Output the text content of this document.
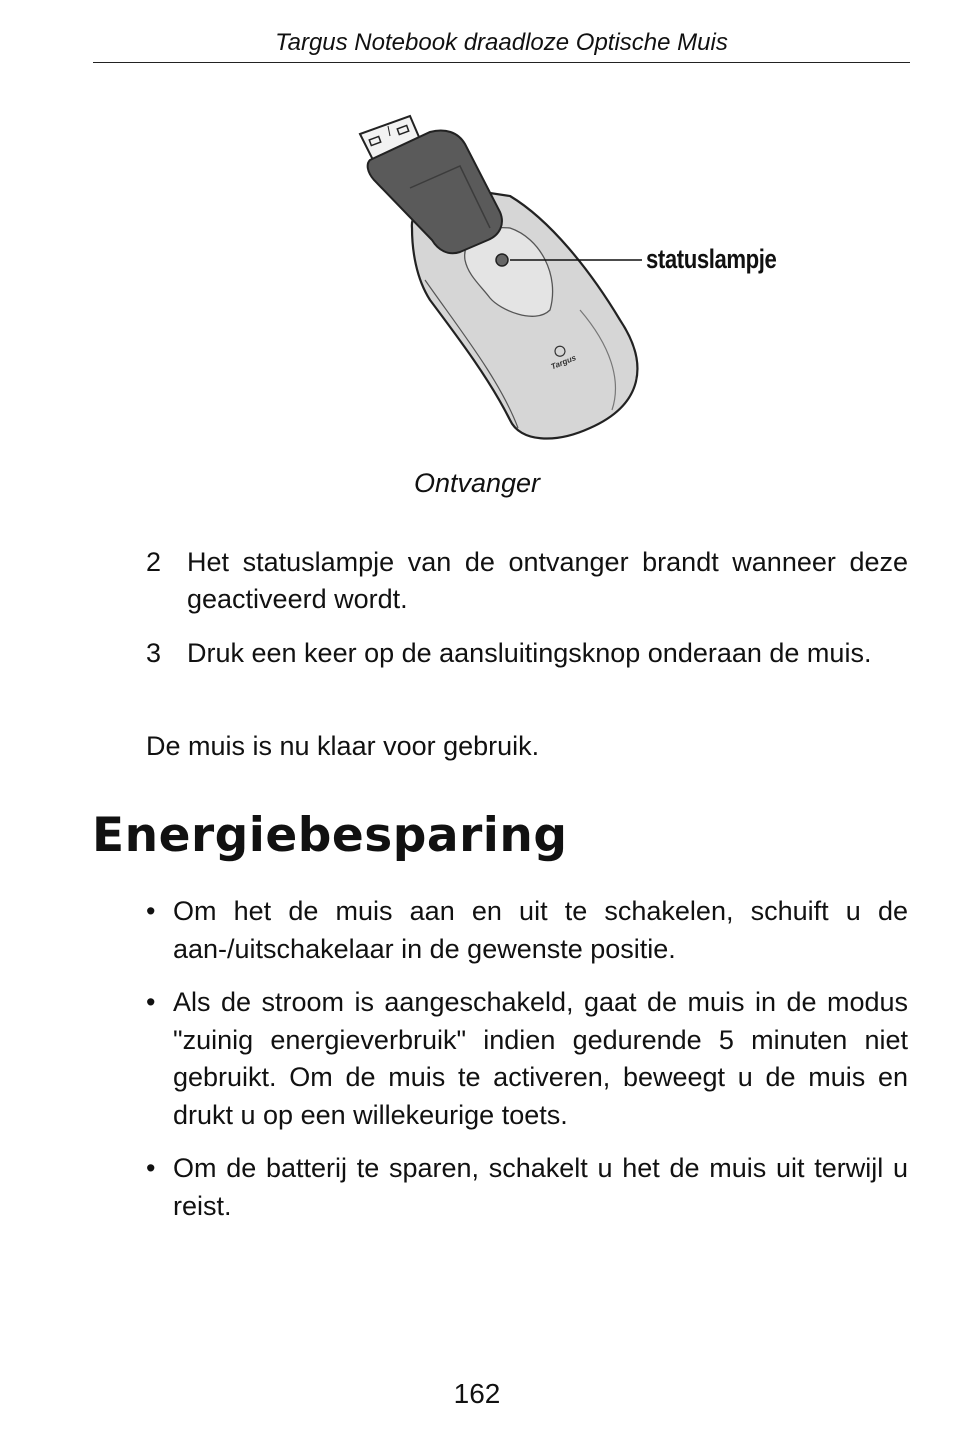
Targus Notebook draadloze Optische Muis
Targus
statuslampje
Ontvanger
2 Het statuslampje van de ontvanger brandt wanneer deze geactiveerd wordt.
3 Druk een keer op de aansluitingsknop onderaan de muis.
De muis is nu klaar voor gebruik.
Energiebesparing
• Om het de muis aan en uit te schakelen, schuift u de aan-/uitschakelaar in de gewenste positie.
• Als de stroom is aangeschakeld, gaat de muis in de modus "zuinig energieverbruik" indien gedurende 5 minuten niet gebruikt. Om de muis te activeren, beweegt u de muis en drukt u op een willekeurige toets.
• Om de batterij te sparen, schakelt u het de muis uit terwijl u reist.
162
